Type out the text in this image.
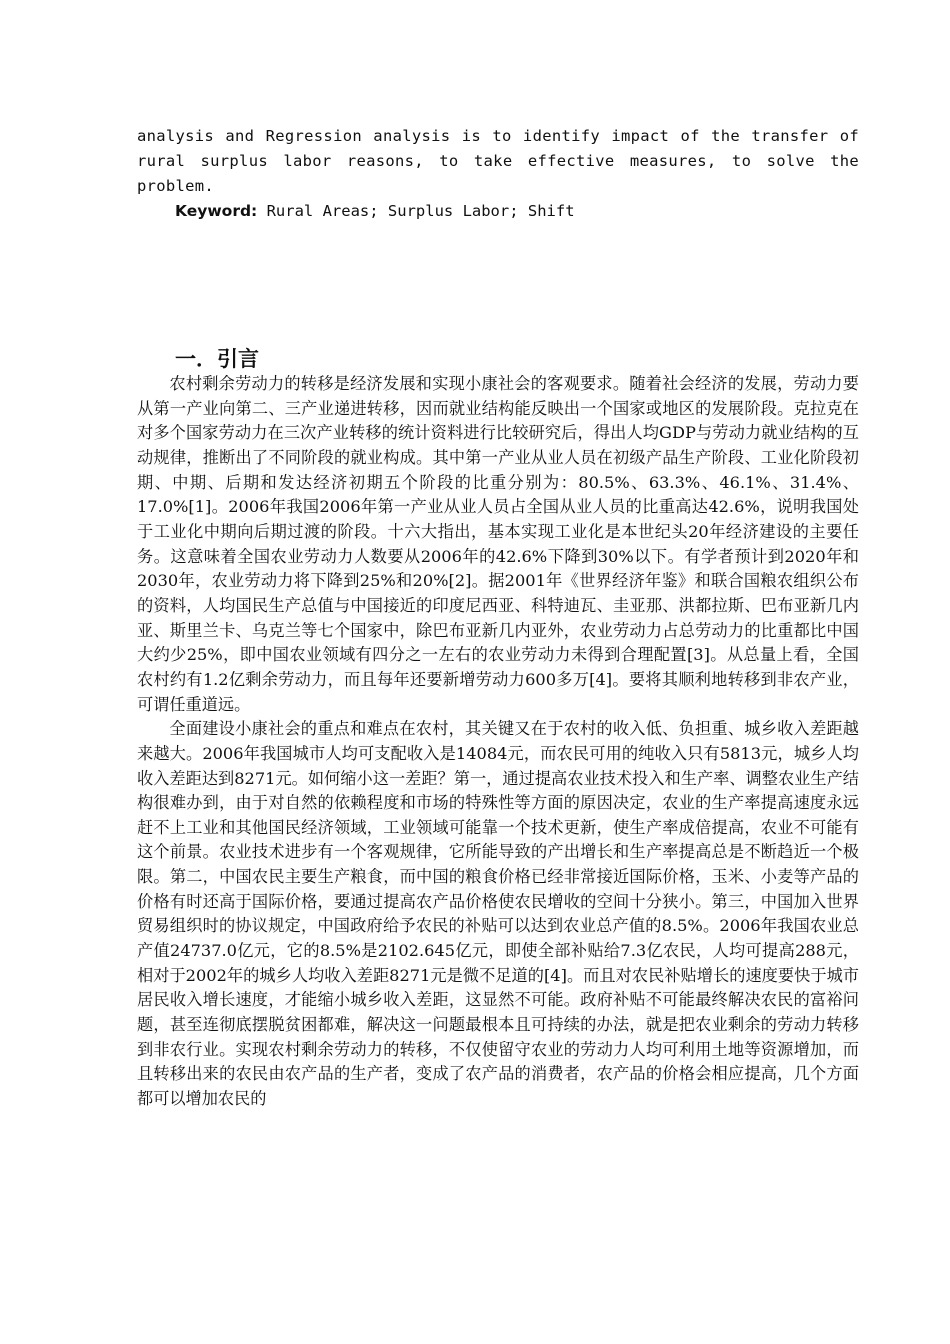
analysis and Regression analysis is to identify impact of the transfer of rural surplus labor reasons, to take effective measures, to solve the problem.

Keyword: Rural Areas; Surplus Labor; Shift

一．引言

农村剩余劳动力的转移是经济发展和实现小康社会的客观要求。随着社会经济的发展，劳动力要从第一产业向第二、三产业递进转移，因而就业结构能反映出一个国家或地区的发展阶段。克拉克在对多个国家劳动力在三次产业转移的统计资料进行比较研究后，得出人均GDP与劳动力就业结构的互动规律，推断出了不同阶段的就业构成。其中第一产业从业人员在初级产品生产阶段、工业化阶段初期、中期、后期和发达经济初期五个阶段的比重分别为：80.5%、63.3%、46.1%、31.4%、17.0%[1]。2006年我国2006年第一产业从业人员占全国从业人员的比重高达42.6%，说明我国处于工业化中期向后期过渡的阶段。十六大指出，基本实现工业化是本世纪头20年经济建设的主要任务。这意味着全国农业劳动力人数要从2006年的42.6%下降到30%以下。有学者预计到2020年和2030年，农业劳动力将下降到25%和20%[2]。据2001年《世界经济年鉴》和联合国粮农组织公布的资料，人均国民生产总值与中国接近的印度尼西亚、科特迪瓦、圭亚那、洪都拉斯、巴布亚新几内亚、斯里兰卡、乌克兰等七个国家中，除巴布亚新几内亚外，农业劳动力占总劳动力的比重都比中国大约少25%，即中国农业领域有四分之一左右的农业劳动力未得到合理配置[3]。从总量上看，全国农村约有1.2亿剩余劳动力，而且每年还要新增劳动力600多万[4]。要将其顺利地转移到非农产业，可谓任重道远。

全面建设小康社会的重点和难点在农村，其关键又在于农村的收入低、负担重、城乡收入差距越来越大。2006年我国城市人均可支配收入是14084元，而农民可用的纯收入只有5813元，城乡人均收入差距达到8271元。如何缩小这一差距？第一，通过提高农业技术投入和生产率、调整农业生产结构很难办到，由于对自然的依赖程度和市场的特殊性等方面的原因决定，农业的生产率提高速度永远赶不上工业和其他国民经济领域，工业领域可能靠一个技术更新，使生产率成倍提高，农业不可能有这个前景。农业技术进步有一个客观规律，它所能导致的产出增长和生产率提高总是不断趋近一个极限。第二，中国农民主要生产粮食，而中国的粮食价格已经非常接近国际价格，玉米、小麦等产品的价格有时还高于国际价格，要通过提高农产品价格使农民增收的空间十分狭小。第三，中国加入世界贸易组织时的协议规定，中国政府给予农民的补贴可以达到农业总产值的8.5%。2006年我国农业总产值24737.0亿元，它的8.5%是2102.645亿元，即使全部补贴给7.3亿农民，人均可提高288元，相对于2002年的城乡人均收入差距8271元是微不足道的[4]。而且对农民补贴增长的速度要快于城市居民收入增长速度，才能缩小城乡收入差距，这显然不可能。政府补贴不可能最终解决农民的富裕问题，甚至连彻底摆脱贫困都难，解决这一问题最根本且可持续的办法，就是把农业剩余的劳动力转移到非农行业。实现农村剩余劳动力的转移，不仅使留守农业的劳动力人均可利用土地等资源增加，而且转移出来的农民由农产品的生产者，变成了农产品的消费者，农产品的价格会相应提高，几个方面都可以增加农民的
